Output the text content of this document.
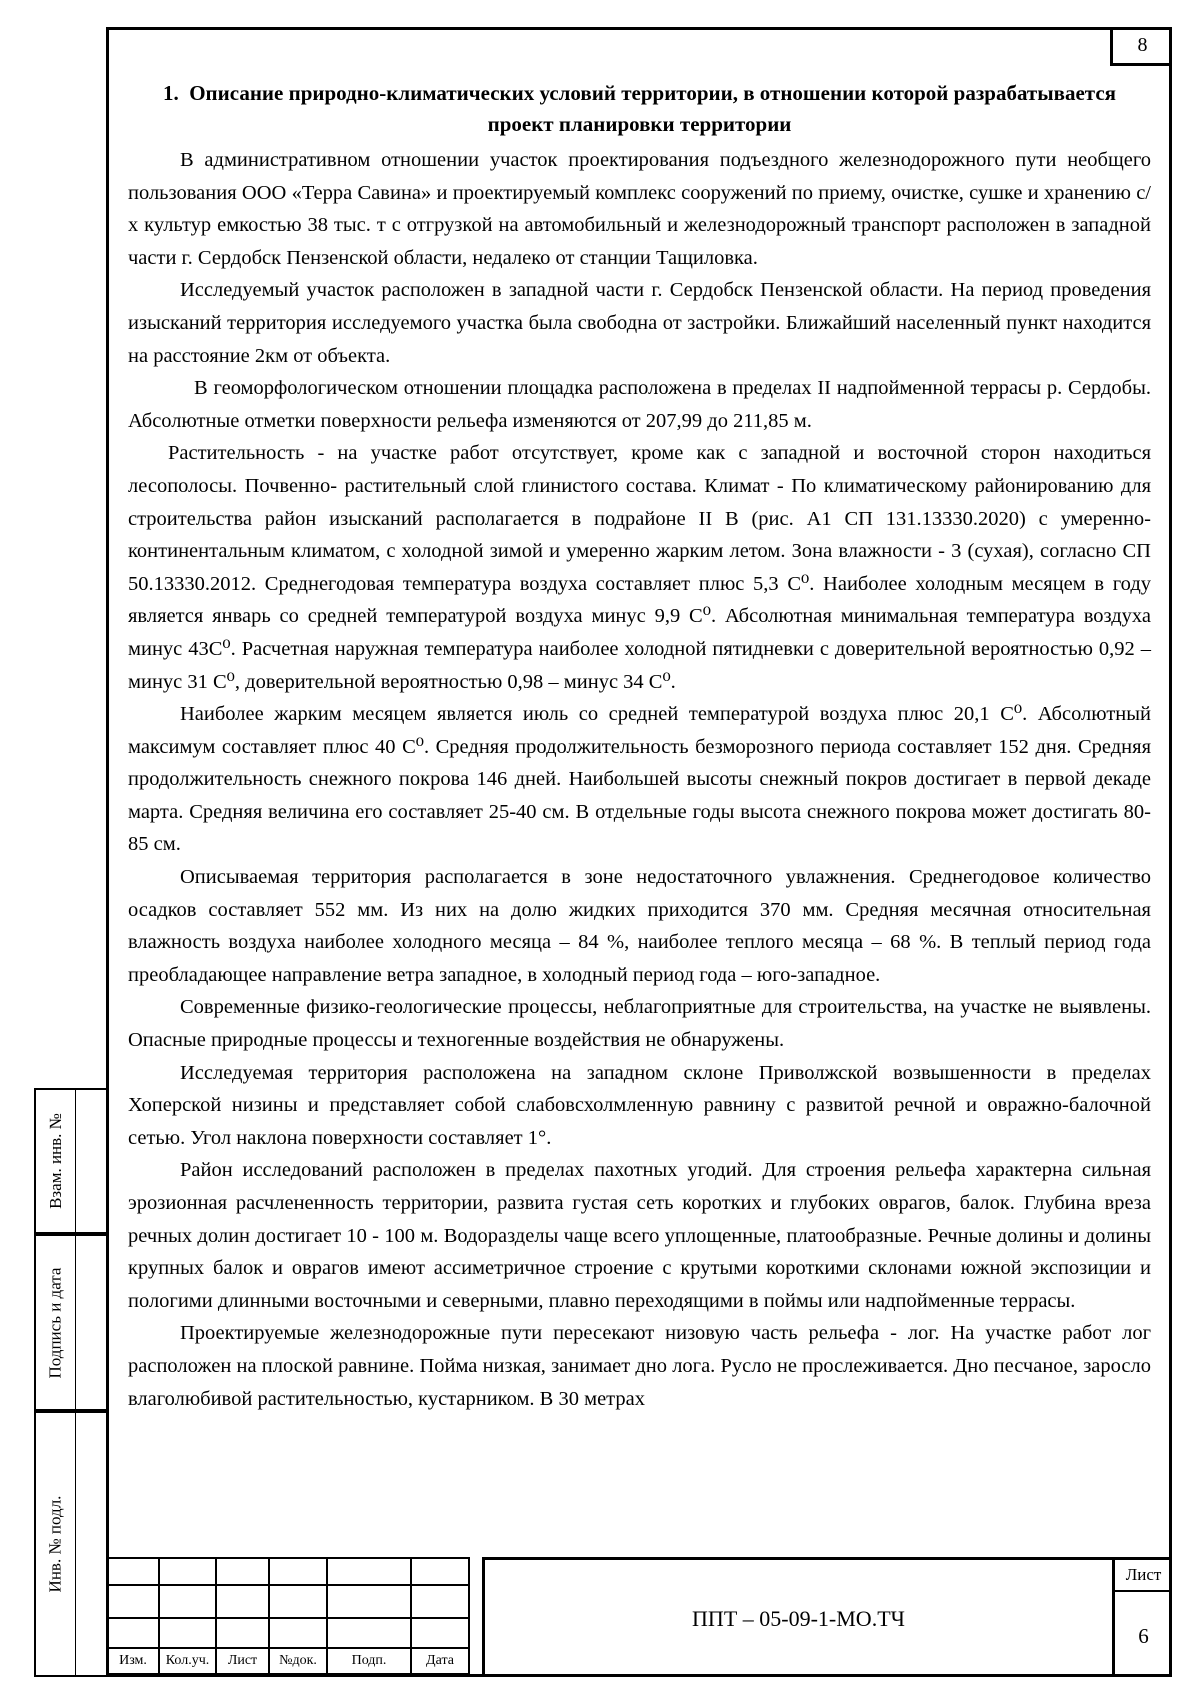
8
Взам. инв. №
Подпись и дата
Инв. № подл.
1.  Описание природно-климатических условий территории, в отношении которой разрабатывается проект планировки территории

В административном отношении участок проектирования подъездного железнодорожного пути необщего пользования ООО «Терра Савина» и проектируемый комплекс сооружений по приему, очистке, сушке и хранению с/х культур емкостью 38 тыс. т с отгрузкой на автомобильный и железнодорожный транспорт расположен в западной части г. Сердобск Пензенской области, недалеко от станции Тащиловка.

Исследуемый участок расположен в западной части г. Сердобск Пензенской области. На период проведения изысканий территория исследуемого участка была свободна от застройки. Ближайший населенный пункт находится на расстояние 2км от объекта.

В геоморфологическом отношении площадка расположена в пределах II надпойменной террасы р. Сердобы. Абсолютные отметки поверхности рельефа изменяются от 207,99 до 211,85 м.

Растительность - на участке работ отсутствует, кроме как с западной и восточной сторон находиться лесополосы. Почвенно- растительный слой глинистого состава. Климат - По климатическому районированию для строительства район изысканий располагается в подрайоне II В (рис. А1 СП 131.13330.2020) с умеренно- континентальным климатом, с холодной зимой и умеренно жарким летом. Зона влажности - 3 (сухая), согласно СП 50.13330.2012. Среднегодовая температура воздуха составляет плюс 5,3 С⁰. Наиболее холодным месяцем в году является январь со средней температурой воздуха минус 9,9 С⁰. Абсолютная минимальная температура воздуха минус 43С⁰. Расчетная наружная температура наиболее холодной пятидневки с доверительной вероятностью 0,92 – минус 31 С⁰, доверительной вероятностью 0,98 – минус 34 С⁰.

Наиболее жарким месяцем является июль со средней температурой воздуха плюс 20,1 С⁰. Абсолютный максимум составляет плюс 40 С⁰. Средняя продолжительность безморозного периода составляет 152 дня. Средняя продолжительность снежного покрова 146 дней. Наибольшей высоты снежный покров достигает в первой декаде марта. Средняя величина его составляет 25-40 см. В отдельные годы высота снежного покрова может достигать 80-85 см.

Описываемая территория располагается в зоне недостаточного увлажнения. Среднегодовое количество осадков составляет 552 мм. Из них на долю жидких приходится 370 мм. Средняя месячная относительная влажность воздуха наиболее холодного месяца – 84 %, наиболее теплого месяца – 68 %. В теплый период года преобладающее направление ветра западное, в холодный период года – юго-западное.

Современные физико-геологические процессы, неблагоприятные для строительства, на участке не выявлены. Опасные природные процессы и техногенные воздействия не обнаружены.

Исследуемая территория расположена на западном склоне Приволжской возвышенности в пределах Хоперской низины и представляет собой слабовсхолмленную равнину с развитой речной и овражно-балочной сетью. Угол наклона поверхности составляет 1°.

Район исследований расположен в пределах пахотных угодий. Для строения рельефа характерна сильная эрозионная расчлененность территории, развита густая сеть коротких и глубоких оврагов, балок. Глубина вреза речных долин достигает 10 - 100 м. Водоразделы чаще всего уплощенные, платообразные. Речные долины и долины крупных балок и оврагов имеют ассиметричное строение с крутыми короткими склонами южной экспозиции и пологими длинными восточными и северными, плавно переходящими в поймы или надпойменные террасы.

Проектируемые железнодорожные пути пересекают низовую часть рельефа - лог. На участке работ лог расположен на плоской равнине. Пойма низкая, занимает дно лога. Русло не прослеживается. Дно песчаное, заросло влаголюбивой растительностью, кустарником. В 30 метрах

Изм.	Кол.уч.	Лист	№док.	Подп.	Дата
ППТ – 05-09-1-МО.ТЧ
Лист
6
